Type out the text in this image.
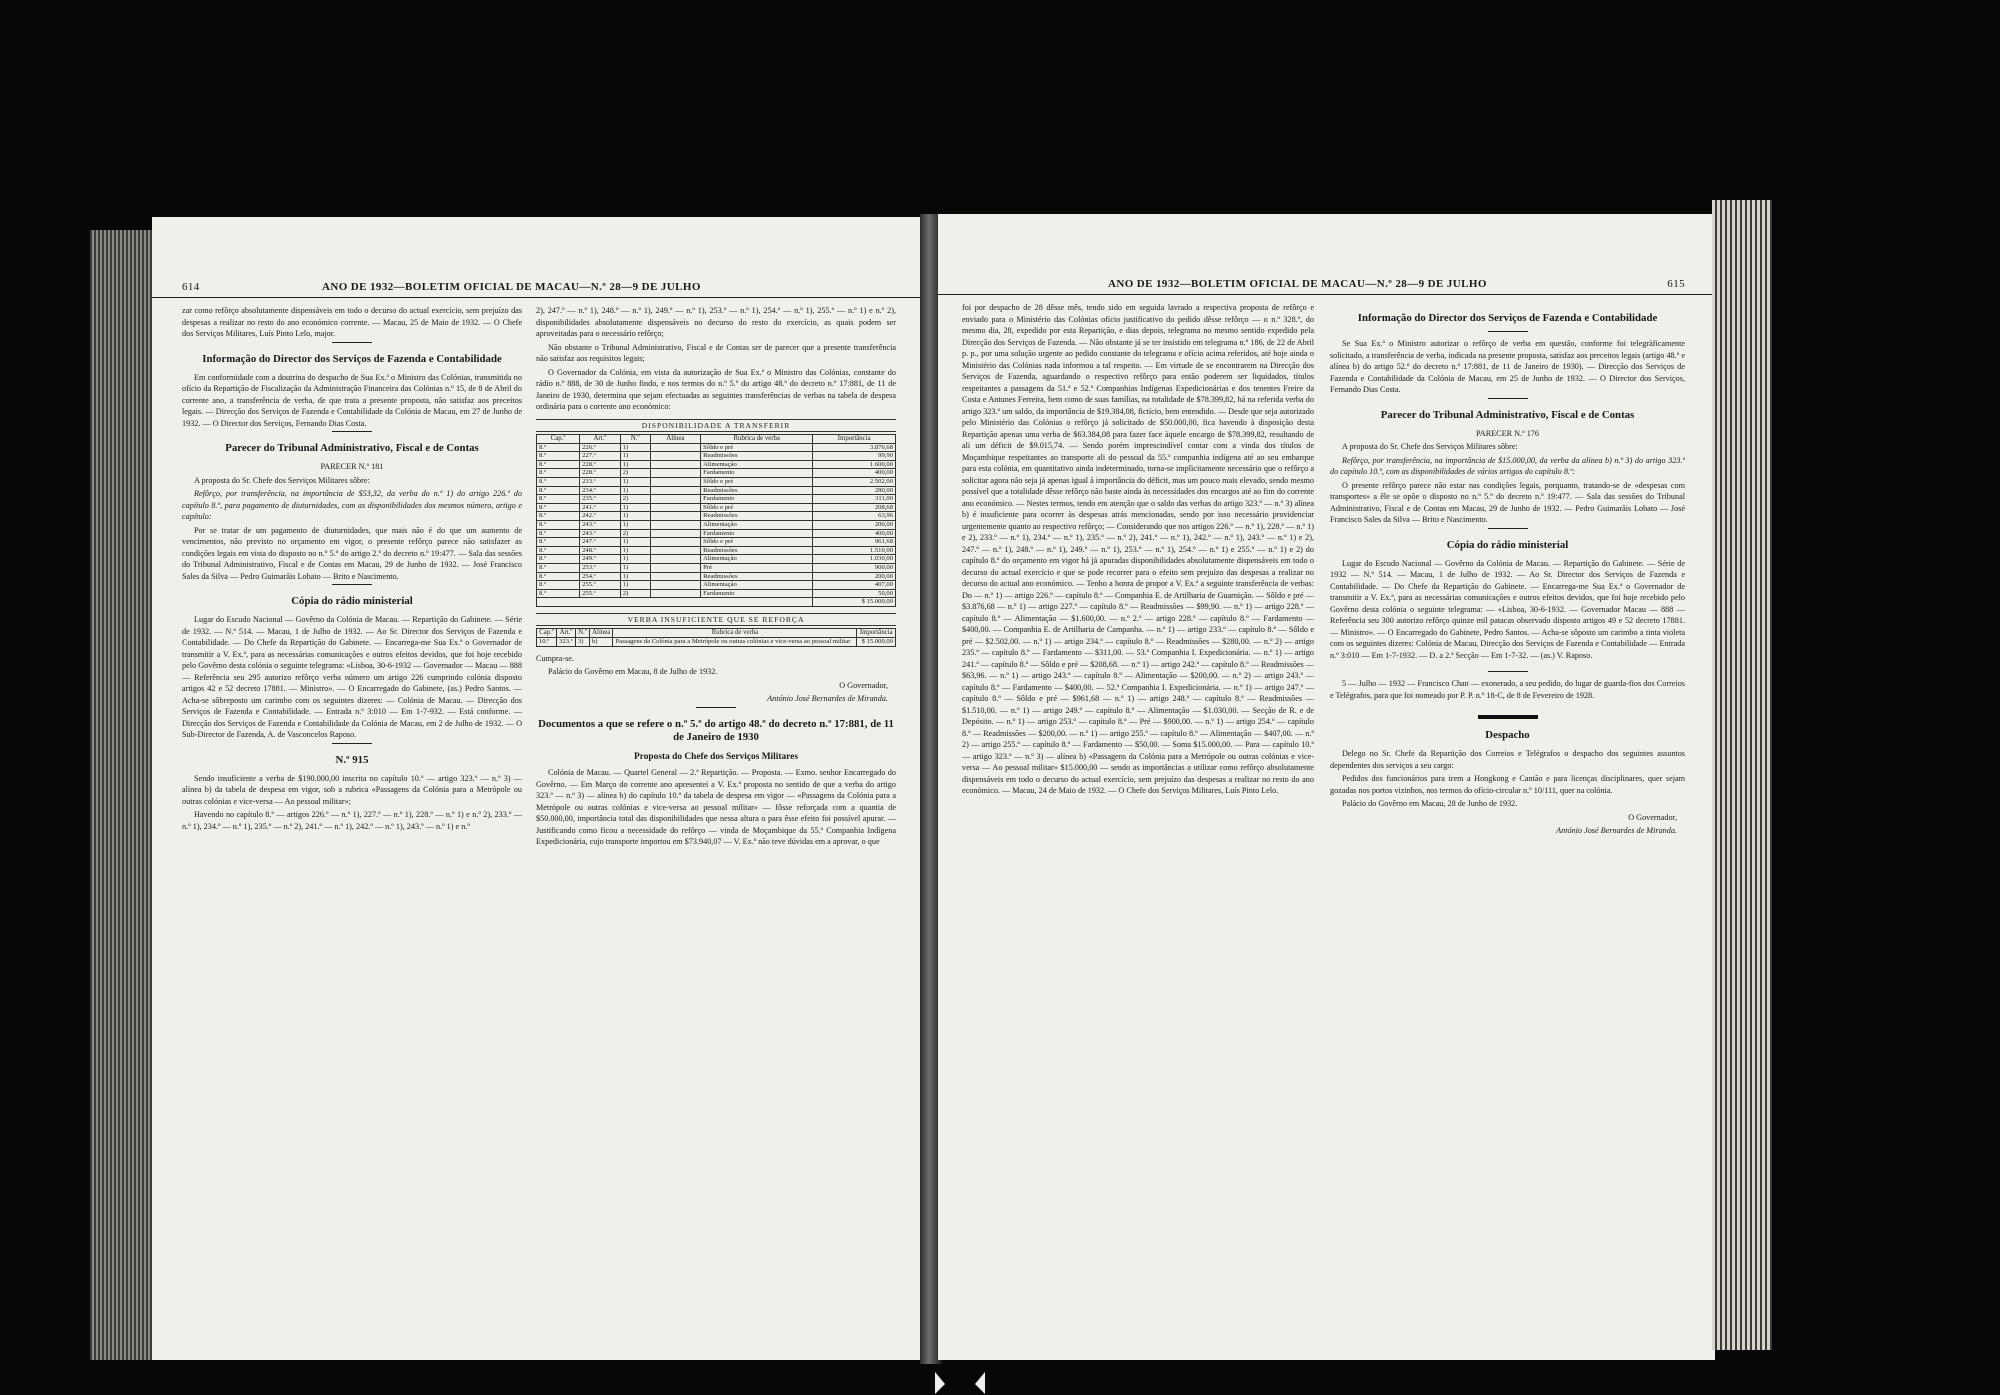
614	ANO DE 1932—BOLETIM OFICIAL DE MACAU—N.º 28—9 DE JULHO

zar como refôrço absolutamente dispensáveis em todo o decurso do actual exercício, sem prejuízo das despesas a realizar no resto do ano económico corrente. — Macau, 25 de Maio de 1932. — O Chefe dos Serviços Militares, Luís Pinto Lelo, major.

Informação do Director dos Serviços de Fazenda e Contabilidade

Em conformidade com a doutrina do despacho de Sua Ex.ª o Ministro das Colónias, transmitida no ofício da Repartição de Fiscalização da Administração Financeira das Colónias n.º 15, de 8 de Abril do corrente ano, a transferência de verba, de que trata a presente proposta, não satisfaz aos preceitos legais. — Direcção dos Serviços de Fazenda e Contabilidade da Colónia de Macau, em 27 de Junho de 1932. — O Director dos Serviços, Fernando Dias Costa.

Parecer do Tribunal Administrativo, Fiscal e de Contas

PARECER N.º 181

A proposta do Sr. Chefe dos Serviços Militares sôbre:

Refôrço, por transferência, na importância de $53,32, da verba do n.º 1) do artigo 226.º do capítulo 8.º, para pagamento de diuturnidades, com as disponibilidades dos mesmos número, artigo e capítulo:

Por se tratar de um pagamento de diuturnidades, que mais não é do que um aumento de vencimentos, não previsto no orçamento em vigor, o presente refôrço parece não satisfazer as condições legais em vista do disposto no n.º 5.º do artigo 2.º do decreto n.º 19:477. — Sala das sessões do Tribunal Administrativo, Fiscal e de Contas em Macau, 29 de Junho de 1932. — José Francisco Sales da Silva — Pedro Guimarãis Lobato — Brito e Nascimento.

Cópia do rádio ministerial

Lugar do Escudo Nacional — Govêrno da Colónia de Macau. — Repartição do Gabinete. — Série de 1932. — N.º 514. — Macau, 1 de Julho de 1932. — Ao Sr. Director dos Serviços de Fazenda e Contabilidade. — Do Chefe da Repartição do Gabinete. — Encarrega-me Sua Ex.ª o Governador de transmitir a V. Ex.ª, para as necessárias comunicações e outros efeitos devidos, que foi hoje recebido pelo Govêrno desta colónia o seguinte telegrama: «Lisboa, 30-6-1932 — Governador — Macau — 888 — Referência seu 295 autorizo refôrço verba número um artigo 226 cumprindo colónia disposto artigos 42 e 52 decreto 17881. — Ministro». — O Encarregado do Gabinete, (as.) Pedro Santos. — Acha-se sôbreposto um carimbo com os seguintes dizeres: — Colónia de Macau. — Direcção dos Serviços de Fazenda e Contabilidade. — Entrada n.º 3:010 — Em 1-7-932. — Está conforme. — Direcção dos Serviços de Fazenda e Contabilidade da Colónia de Macau, em 2 de Julho de 1932. — O Sub-Director de Fazenda, A. de Vasconcelos Raposo.

N.º 915

Sendo insuficiente a verba de $190.000,00 inscrita no capítulo 10.º — artigo 323.º — n.º 3) — alínea b) da tabela de despesa em vigor, sob a rubrica «Passagens da Colónia para a Metrópole ou outras colónias e vice-versa — Ao pessoal militar»;

Havendo no capítulo 8.º — artigos 226.º — n.º 1), 227.º — n.º 1), 228.º — n.º 1) e n.º 2), 233.º — n.º 1), 234.º — n.º 1), 235.º — n.º 2), 241.º — n.º 1), 242.º — n.º 1), 243.º — n.º 1) e n.º

2), 247.º — n.º 1), 248.º — n.º 1), 249.º — n.º 1), 253.º — n.º 1), 254.º — n.º 1), 255.º — n.º 1) e n.º 2), disponibilidades absolutamente dispensáveis no decurso do resto do exercício, as quais podem ser aproveitadas para o necessário refôrço;

Não obstante o Tribunal Administrativo, Fiscal e de Contas ser de parecer que a presente transferência não satisfaz aos requisitos legais;

O Governador da Colónia, em vista da autorização de Sua Ex.ª o Ministro das Colónias, constante do rádio n.º 888, de 30 de Junho findo, e nos termos do n.º 5.º do artigo 48.º do decreto n.º 17:881, de 11 de Janeiro de 1930, determina que sejam efectuadas as seguintes transferências de verbas na tabela de despesa ordinária para o corrente ano económico:

DISPONIBILIDADE A TRANSFERIR
Cap.º	Art.º	N.º	Alínea	Rubrica de verba	Importância
8.º	226.º	1)		Sôldo e pré	3.876,68
8.º	227.º	1)		Readmissões	99,90
8.º	228.º	1)		Alimentação	1.600,00
8.º	228.º	2)		Fardamento	400,00
8.º	233.º	1)		Sôldo e pré	2.502,00
8.º	234.º	1)		Readmissões	280,00
8.º	235.º	2)		Fardamento	311,00
8.º	241.º	1)		Sôldo e pré	208,68
8.º	242.º	1)		Readmissões	63,96
8.º	243.º	1)		Alimentação	200,00
8.º	243.º	2)		Fardamento	400,00
8.º	247.º	1)		Sôldo e pré	961,68
8.º	248.º	1)		Readmissões	1.510,00
8.º	249.º	1)		Alimentação	1.030,00
8.º	253.º	1)		Pré	900,00
8.º	254.º	1)		Readmissões	200,00
8.º	255.º	1)		Alimentação	407,00
8.º	255.º	2)		Fardamento	50,00
					$ 15.000,00
VERBA INSUFICIENTE QUE SE REFORÇA
Cap.º	Art.º	N.º	Alínea	Rubrica de verba	Importância
10.º	323.º	3)	b)	Passagens da Colónia para a Metrópole ou outras colónias e vice-versa ao pessoal militar	$ 15.000,00

Cumpra-se.

Palácio do Govêrno em Macau, 8 de Julho de 1932.

O Governador,

António José Bernardes de Miranda.

Documentos a que se refere o n.º 5.º do artigo 48.º do decreto n.º 17:881, de 11 de Janeiro de 1930
Proposta do Chefe dos Serviços Militares

Colónia de Macau. — Quartel General — 2.ª Repartição. — Proposta. — Exmo. senhor Encarregado do Govêrno. — Em Março do corrente ano apresentei a V. Ex.ª proposta no sentido de que a verba do artigo 323.º — n.º 3) — alínea b) do capítulo 10.º da tabela de despesa em vigor — «Passagens da Colónia para a Metrópole ou outras colónias e vice-versa ao pessoal militar» — fôsse reforçada com a quantia de $50.000,00, importância total das disponibilidades que nessa altura o para êsse efeito foi possível apurar. — Justificando como ficou a necessidade do refôrço — vinda de Moçambique da 55.ª Companhia Indígena Expedicionária, cujo transporte importou em $73.940,07 — V. Ex.ª não teve dúvidas em a aprovar, o que

ANO DE 1932—BOLETIM OFICIAL DE MACAU—N.º 28—9 DE JULHO	615

foi por despacho de 28 dêsse mês, tendo sido em seguida lavrado a respectiva proposta de refôrço e enviado para o Ministério das Colónias ofício justificativo do pedido dêsse refôrço — o n.º 328.º, do mesmo dia, 28, expedido por esta Repartição, e dias depois, telegrama no mesmo sentido expedido pela Direcção dos Serviços de Fazenda. — Não obstante já se ter insistido em telegrama n.º 186, de 22 de Abril p. p., por uma solução urgente ao pedido constante do telegrama e ofício acima referidos, até hoje ainda o Ministério das Colónias nada informou a tal respeito. — Em virtude de se encontrarem na Direcção dos Serviços de Fazenda, aguardando o respectivo refôrço para então poderem ser liquidados, títulos respeitantes a passagens da 51.ª e 52.ª Companhias Indígenas Expedicionárias e dos tenentes Freire da Costa e Antunes Ferreira, bem como de suas famílias, na totalidade de $78.399,82, há na referida verba do artigo 323.º um saldo, da importância de $19.384,08, fictício, bem entendido. — Desde que seja autorizado pelo Ministério das Colónias o refôrço já solicitado de $50.000,00, fica havendo à disposição desta Repartição apenas uma verba de $63.384,08 para fazer face àquele encargo de $78.399,82, resultando de ali um déficit de $9.015,74. — Sendo porém imprescindível contar com a vinda dos títulos de Moçambique respeitantes ao transporte ali do pessoal da 55.ª companhia indígena até ao seu embarque para esta colónia, em quantitativo ainda indeterminado, torna-se implìcitamente necessário que o refôrço a solicitar agora não seja já apenas igual à importância do déficit, mas um pouco mais elevado, sendo mesmo possível que a totalidade dêsse refôrço não baste ainda às necessidades dos encargos até ao fim do corrente ano económico. — Nestes termos, tendo em atenção que o saldo das verbas do artigo 323.º — n.º 3) alínea b) é insuficiente para ocorrer às despesas atrás mencionadas, sendo por isso necessário providenciar urgentemente quanto ao respectivo refôrço; — Considerando que nos artigos 226.º — n.º 1), 228.º — n.º 1) e 2), 233.º — n.º 1), 234.º — n.º 1), 235.º — n.º 2), 241.º — n.º 1), 242.º — n.º 1), 243.º — n.º 1) e 2), 247.º — n.º 1), 248.º — n.º 1), 249.º — n.º 1), 253.º — n.º 1), 254.º — n.º 1) e 255.º — n.º 1) e 2) do capítulo 8.º do orçamento em vigor há já apuradas disponibilidades absolutamente dispensáveis em todo o decurso do actual exercício e que se pode recorrer para o efeito sem prejuízo das despesas a realizar no decurso do actual ano económico. — Tenho a honra de propor a V. Ex.ª a seguinte transferência de verbas: Do — n.º 1) — artigo 226.º — capítulo 8.º — Companhia E. de Artilharia de Guarnição. — Sôldo e pré — $3.876,68 — n.º 1) — artigo 227.º — capítulo 8.º — Readmissões — $99,90. — n.º 1) — artigo 228.º — capítulo 8.º — Alimentação — $1.600,00. — n.º 2.º — artigo 228.º — capítulo 8.º — Fardamento — $400,00. — Companhia E. de Artilharia de Campanha. — n.º 1) — artigo 233.º — capítulo 8.º — Sôldo e pré — $2.502,00. — n.º 1) — artigo 234.º — capítulo 8.º — Readmissões — $280,00. — n.º 2) — artigo 235.º — capítulo 8.º — Fardamento — $311,00. — 53.ª Companhia I. Expedicionária. — n.º 1) — artigo 241.º — capítulo 8.º — Sôldo e pré — $208,68. — n.º 1) — artigo 242.º — capítulo 8.º — Readmissões — $63,96. — n.º 1) — artigo 243.º — capítulo 8.º — Alimentação — $200,00. — n.º 2) — artigo 243.º — capítulo 8.º — Fardamento — $400,00. — 52.ª Companhia I. Expedicionária. — n.º 1) — artigo 247.º — capítulo 8.º — Sôldo e pré — $961,68 — n.º 1) — artigo 248.º — capítulo 8.º — Readmissões — $1.510,00. — n.º 1) — artigo 249.º — capítulo 8.º — Alimentação — $1.030,00. — Secção de R. e de Depósito. — n.º 1) — artigo 253.º — capítulo 8.º — Pré — $900,00. — n.º 1) — artigo 254.º — capítulo 8.º — Readmissões — $200,00. — n.º 1) — artigo 255.º — capítulo 8.º — Alimentação — $407,00. — n.º 2) — artigo 255.º — capítulo 8.º — Fardamento — $50,00. — Soma $15.000,00. — Para — capítulo 10.º — artigo 323.º — n.º 3) — alínea b) «Passagens da Colónia para a Metrópole ou outras colónias e vice-versa — Ao pessoal militar» $15.000,00 — sendo as importâncias a utilizar como refôrço absolutamente dispensáveis em todo o decurso do actual exercício, sem prejuízo das despesas a realizar no resto do ano económico. — Macau, 24 de Maio de 1932. — O Chefe dos Serviços Militares, Luís Pinto Lelo.

Informação do Director dos Serviços de Fazenda e Contabilidade

Se Sua Ex.ª o Ministro autorizar o refôrço de verba em questão, conforme foi telegràficamente solicitado, a transferência de verba, indicada na presente proposta, satisfaz aos preceitos legais (artigo 48.º e alínea b) do artigo 52.º do decreto n.º 17:881, de 11 de Janeiro de 1930). — Direcção dos Serviços de Fazenda e Contabilidade da Colónia de Macau, em 25 de Junho de 1932. — O Director dos Serviços, Fernando Dias Costa.

Parecer do Tribunal Administrativo, Fiscal e de Contas

PARECER N.º 176

A proposta do Sr. Chefe dos Serviços Militares sôbre:

Refôrço, por transferência, na importância de $15.000,00, da verba da alínea b) n.º 3) do artigo 323.º do capítulo 10.º, com as disponibilidades de vários artigos do capítulo 8.º:

O presente refôrço parece não estar nas condições legais, porquanto, tratando-se de «despesas com transportes» a êle se opõe o disposto no n.º 5.º do decreto n.º 19:477. — Sala das sessões do Tribunal Administrativo, Fiscal e de Contas em Macau, 29 de Junho de 1932. — Pedro Guimarãis Lobato — José Francisco Sales da Silva — Brito e Nascimento.

Cópia do rádio ministerial

Lugar do Escudo Nacional — Govêrno da Colónia de Macau. — Repartição do Gabinete. — Série de 1932 — N.º 514. — Macau, 1 de Julho de 1932. — Ao Sr. Director dos Serviços de Fazenda e Contabilidade. — Do Chefe da Repartição do Gabinete. — Encarrega-me Sua Ex.ª o Governador de transmitir a V. Ex.ª, para as necessárias comunicações e outros efeitos devidos, que foi hoje recebido pelo Govêrno desta colónia o seguinte telegrama: — «Lisboa, 30-6-1932. — Governador Macau — 888 — Referência seu 300 autorizo refôrço quinze mil patacas observado disposto artigos 49 e 52 decreto 17881. — Ministro». — O Encarregado do Gabinete, Pedro Santos. — Acha-se sôposto um carimbo a tinta violeta com os seguintes dizeres: Colónia de Macau, Direcção dos Serviços de Fazenda e Contabilidade — Entrada n.º 3:010 — Em 1-7-1932. — D. a 2.ª Secção — Em 1-7-32. — (as.) V. Raposo.

5 — Julho — 1932 — Francisco Chan — exonerado, a seu pedido, do lugar de guarda-fios dos Correios e Telégrafos, para que foi nomeado por P. P. n.º 18-C, de 8 de Fevereiro de 1928.

Despacho

Delego no Sr. Chefe da Repartição dos Correios e Telégrafos o despacho dos seguintes assuntos dependentes dos serviços a seu cargo:

Pedidos dos funcionários para irem a Hongkong e Cantão e para licenças disciplinares, quer sejam gozadas nos portos vizinhos, nos termos do ofício-circular n.º 10/111, quer na colónia.

Palácio do Govêrno em Macau, 28 de Junho de 1932.

O Governador,

António José Bernardes de Miranda.
